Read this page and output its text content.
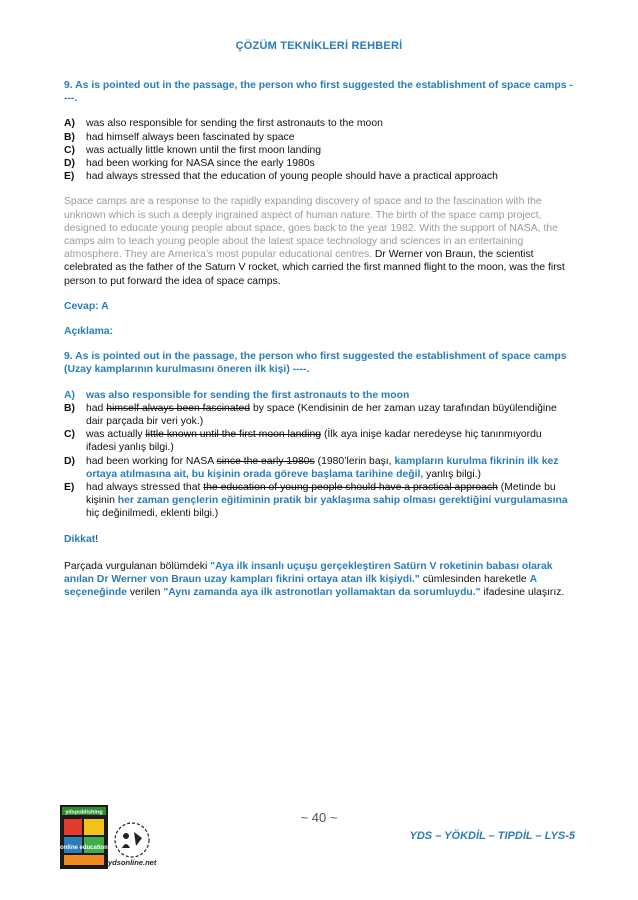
ÇÖZÜM TEKNİKLERİ REHBERİ

9. As is pointed out in the passage, the person who first suggested the establishment of space camps ----.

A)	was also responsible for sending the first astronauts to the moon
B)	had himself always been fascinated by space
C)	was actually little known until the first moon landing
D)	had been working for NASA since the early 1980s
E)	had always stressed that the education of young people should have a practical approach

Space camps are a response to the rapidly expanding discovery of space and to the fascination with the unknown which is such a deeply ingrained aspect of human nature. The birth of the space camp project, designed to educate young people about space, goes back to the year 1982. With the support of NASA, the camps aim to teach young people about the latest space technology and sciences in an entertaining atmosphere. They are America’s most popular educational centres. Dr Werner von Braun, the scientist celebrated as the father of the Saturn V rocket, which carried the first manned flight to the moon, was the first person to put forward the idea of space camps.

Cevap: A
Açıklama:

9. As is pointed out in the passage, the person who first suggested the establishment of space camps (Uzay kamplarının kurulmasını öneren ilk kişi) ----.

A)	was also responsible for sending the first astronauts to the moon
B)	had himself always been fascinated by space (Kendisinin de her zaman uzay tarafından büyülendiğine dair parçada bir veri yok.)
C)	was actually little known until the first moon landing (İlk aya inişe kadar neredeyse hiç tanınmıyordu ifadesi yanlış bilgi.)
D)	had been working for NASA since the early 1980s (1980’lerin başı, kampların kurulma fikrinin ilk kez ortaya atılmasına ait, bu kişinin orada göreve başlama tarihine değil, yanlış bilgi.)
E)	had always stressed that the education of young people should have a practical approach (Metinde bu kişinin her zaman gençlerin eğitiminin pratik bir yaklaşıma sahip olması gerektiğini vurgulamasına hiç değinilmedi, eklenti bilgi.)
Dikkat!

Parçada vurgulanan bölümdeki "Aya ilk insanlı uçuşu gerçekleştiren Satürn V roketinin babası olarak anılan Dr Werner von Braun uzay kampları fikrini ortaya atan ilk kişiydi." cümlesinden hareketle A seçeneğinde verilen "Aynı zamanda aya ilk astronotları yollamaktan da sorumluydu." ifadesine ulaşırız.

ydspublishing
online education
ydsonline.net
~ 40 ~
YDS – YÖKDİL – TIPDİL – LYS-5
